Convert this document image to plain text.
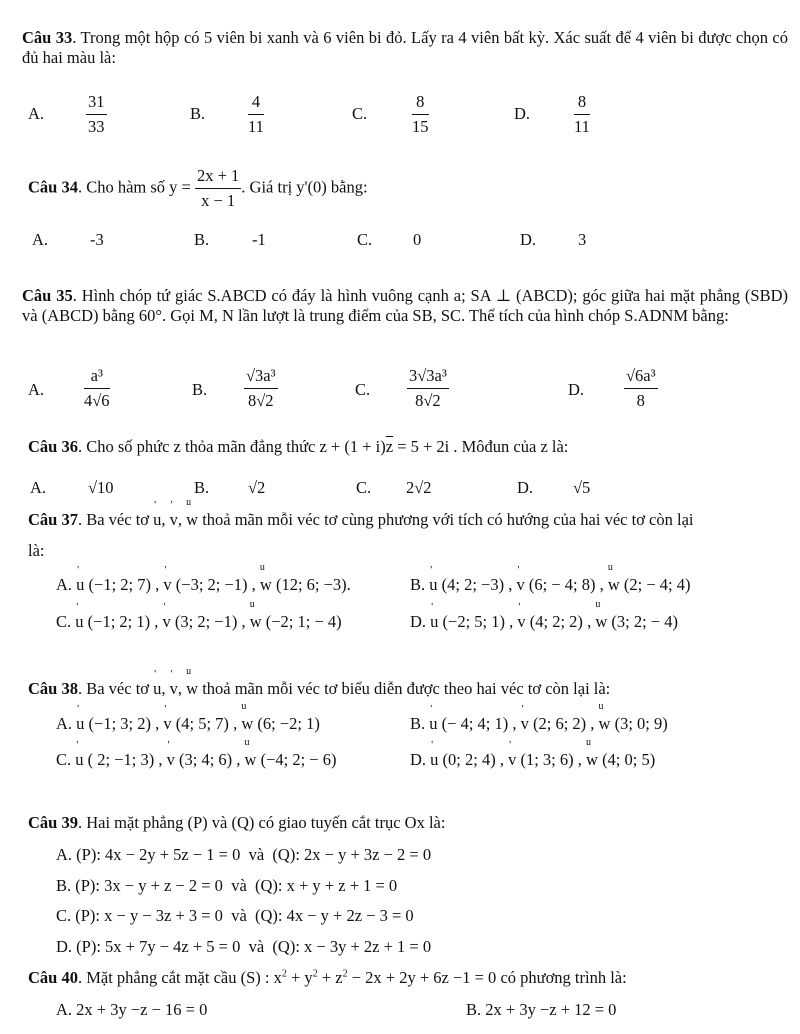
Câu 33. Trong một hộp có 5 viên bi xanh và 6 viên bi đỏ. Lấy ra 4 viên bất kỳ. Xác suất để 4 viên bi được chọn có đủ hai màu là:
A.	$\frac{31}{33}$	B.	$\frac{4}{11}$	C.	$\frac{8}{15}$	D.	$\frac{8}{11}$
Câu 34. Cho hàm số $y = \frac{2x + 1}{x - 1}$ . Giá trị y'(0) bằng:
A.	-3	B.	-1	C. 0	D.	3
Câu 35. Hình chóp tứ giác S.ABCD có đáy là hình vuông cạnh a; SA ⊥ (ABCD); góc giữa hai mặt phẳng (SBD) và (ABCD) bằng 60°. Gọi M, N lần lượt là trung điểm của SB, SC. Thể tích của hình chóp S.ADNM bằng:
A. $\frac{\text{a³}}{4√6}$	B. $\frac{\text{√3a³}}{8√2}$	C. $\frac{\text{3√3a³}}{8√2}$	D. $\frac{\text{√6a³}}{8}$
Câu 36. Cho số phức z thỏa mãn đẳng thức $z + (1 + i)\overline{z} = 5 + 2i$ . Môđun của z là:
A.	√10	B. √2	C. 2√2	D. √5
Câu 37. Ba véc tơ ' u, ' v, u w thoả mãn mỗi véc tơ cùng phương với tích có hướng của hai véc tơ còn lại
là:
A. ' u (−1; 2; 7) , ' v (−3; 2; −1) , u w (12; 6; −3).	B. ' u (4; 2; −3) , ' v (6; − 4; 8) , u w (2; − 4; 4)
C. ' u (−1; 2; 1) , ' v (3; 2; −1) , u w (−2; 1; − 4)	D. ' u (−2; 5; 1) , ' v (4; 2; 2) , u w (3; 2; − 4)
Câu 38. Ba véc tơ ' u, ' v, u w thoả mãn mỗi véc tơ biểu diễn được theo hai véc tơ còn lại là:
A. ' u (−1; 3; 2) , ' v (4; 5; 7) , u w (6; −2; 1)	B. ' u (− 4; 4; 1) , ' v (2; 6; 2) , u w (3; 0; 9)
C. ' u ( 2; −1; 3) , ' v (3; 4; 6) , u w (−4; 2; − 6)	D. ' u (0; 2; 4) , ' v (1; 3; 6) , u w (4; 0; 5)
Câu 39. Hai mặt phẳng (P) và (Q) có giao tuyến cắt trục Ox là:
A. (P): 4x − 2y + 5z − 1 = 0 và (Q): 2x − y + 3z − 2 = 0
B. (P): 3x − y + z − 2 = 0 và (Q): x + y + z + 1 = 0
C. (P): x − y − 3z + 3 = 0 và (Q): 4x − y + 2z − 3 = 0
D. (P): 5x + 7y − 4z + 5 = 0 và (Q): x − 3y + 2z + 1 = 0
Câu 40. Mặt phẳng cắt mặt cầu (S) : $x^2 + y^2 + z^2 - 2x + 2y + 6z -1 = 0$ có phương trình là:
A. 2x + 3y −z − 16 = 0	B. 2x + 3y −z + 12 = 0
